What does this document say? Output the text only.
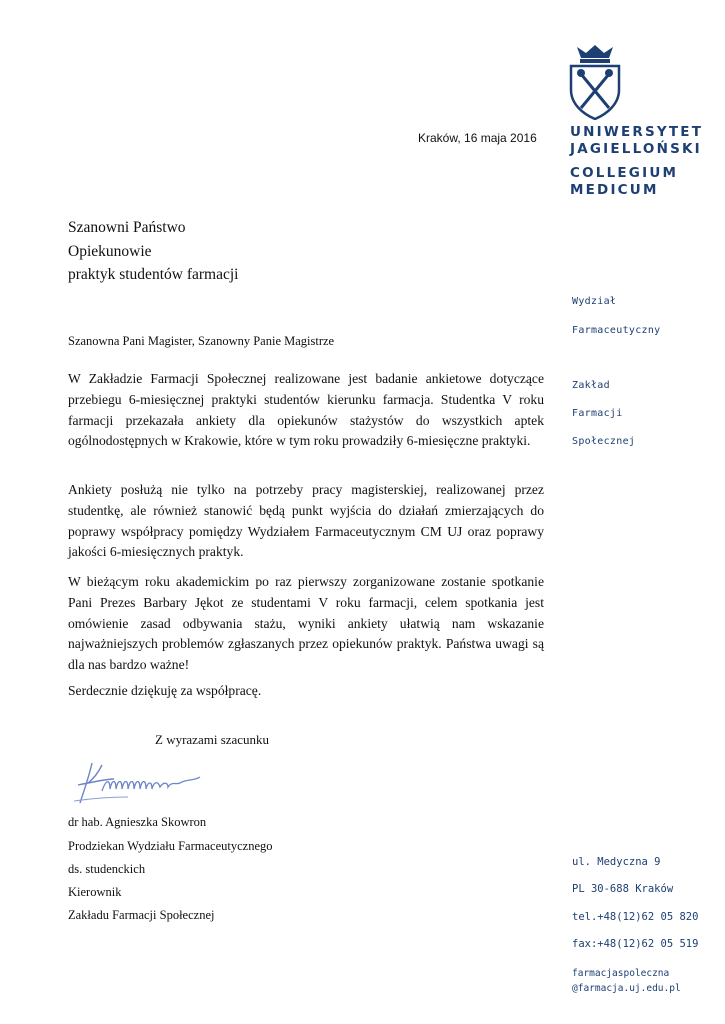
UNIWERSYTET
JAGIELLOŃSKI
COLLEGIUM
MEDICUM
Kraków, 16 maja 2016
Szanowni Państwo
Opiekunowie
praktyk studentów farmacji
Wydział
Farmaceutyczny
Zakład
Farmacji
Społecznej
Szanowna Pani Magister, Szanowny Panie Magistrze

W Zakładzie Farmacji Społecznej realizowane jest badanie ankietowe dotyczące przebiegu 6-miesięcznej praktyki studentów kierunku farmacja. Studentka V roku farmacji przekazała ankiety dla opiekunów stażystów do wszystkich aptek ogólnodostępnych w Krakowie, które w tym roku prowadziły 6-miesięczne praktyki.

Ankiety posłużą nie tylko na potrzeby pracy magisterskiej, realizowanej przez studentkę, ale również stanowić będą punkt wyjścia do działań zmierzających do poprawy współpracy pomiędzy Wydziałem Farmaceutycznym CM UJ oraz poprawy jakości 6-miesięcznych praktyk.

W bieżącym roku akademickim po raz pierwszy zorganizowane zostanie spotkanie Pani Prezes Barbary Jękot ze studentami V roku farmacji, celem spotkania jest omówienie zasad odbywania stażu, wyniki ankiety ułatwią nam wskazanie najważniejszych problemów zgłaszanych przez opiekunów praktyk. Państwa uwagi są dla nas bardzo ważne!

Serdecznie dziękuję za współpracę.
Z wyrazami szacunku
dr hab. Agnieszka Skowron
Prodziekan Wydziału Farmaceutycznego
ds. studenckich
Kierownik
Zakładu Farmacji Społecznej
ul. Medyczna 9
PL 30-688 Kraków
tel.+48(12)62 05 820
fax:+48(12)62 05 519
farmacjaspoleczna
@farmacja.uj.edu.pl
